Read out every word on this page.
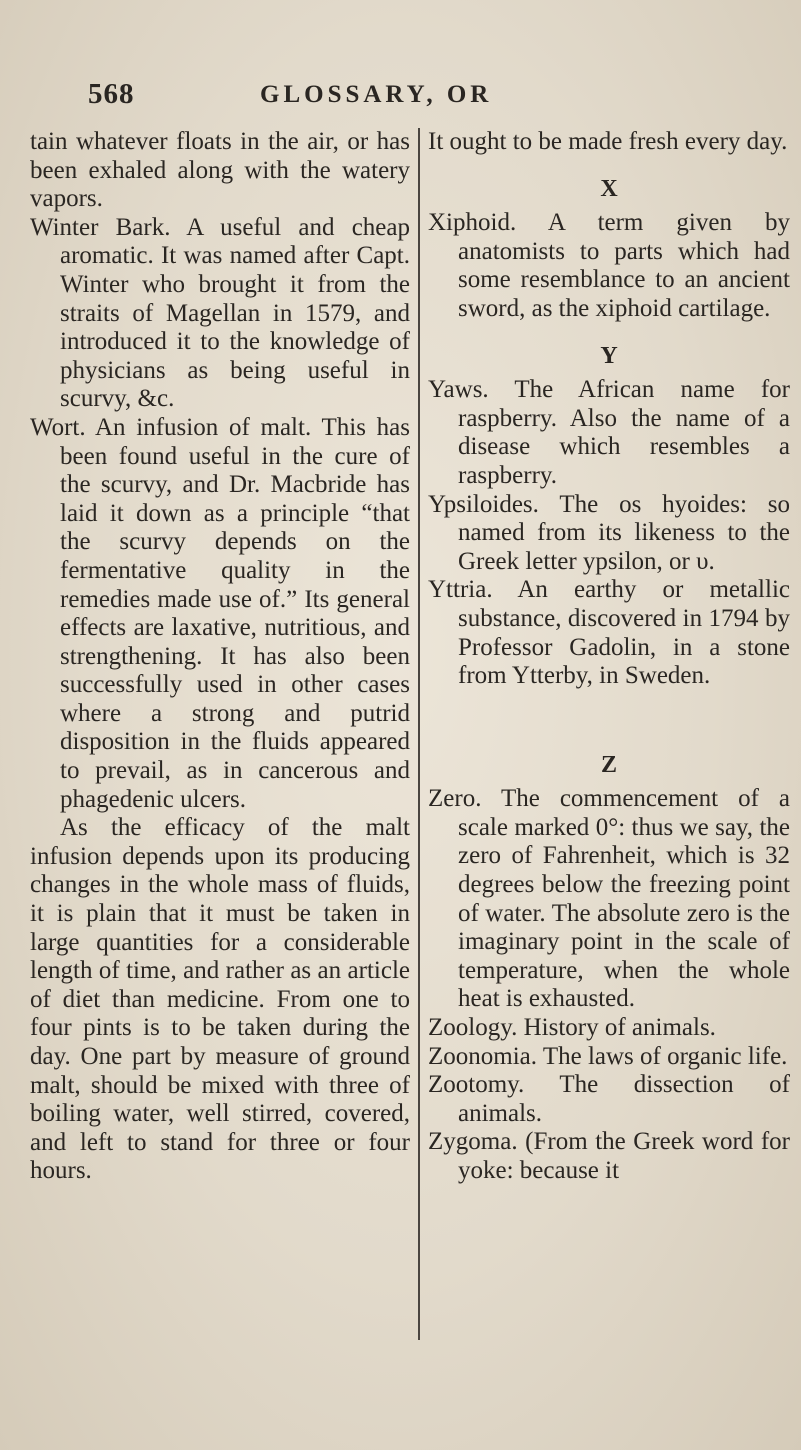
568	GLOSSARY, OR

tain whatever floats in the air, or has been exhaled along with the watery vapors.

Winter Bark. A useful and cheap aromatic. It was named after Capt. Winter who brought it from the straits of Magellan in 1579, and introduced it to the knowledge of physicians as being useful in scurvy, &c.

Wort. An infusion of malt. This has been found useful in the cure of the scurvy, and Dr. Macbride has laid it down as a principle “that the scurvy depends on the fermentative quality in the remedies made use of.” Its general effects are laxative, nutritious, and strengthening. It has also been successfully used in other cases where a strong and putrid disposition in the fluids appeared to prevail, as in cancerous and phagedenic ulcers.

As the efficacy of the malt infusion depends upon its producing changes in the whole mass of fluids, it is plain that it must be taken in large quantities for a considerable length of time, and rather as an article of diet than medicine. From one to four pints is to be taken during the day. One part by measure of ground malt, should be mixed with three of boiling water, well stirred, covered, and left to stand for three or four hours.

It ought to be made fresh every day.

X

Xiphoid. A term given by anatomists to parts which had some resemblance to an ancient sword, as the xiphoid cartilage.

Y

Yaws. The African name for raspberry. Also the name of a disease which resembles a raspberry.

Ypsiloides. The os hyoides: so named from its likeness to the Greek letter ypsilon, or υ.

Yttria. An earthy or metallic substance, discovered in 1794 by Professor Gadolin, in a stone from Ytterby, in Sweden.

Z

Zero. The commencement of a scale marked 0°: thus we say, the zero of Fahrenheit, which is 32 degrees below the freezing point of water. The absolute zero is the imaginary point in the scale of temperature, when the whole heat is exhausted.

Zoology. History of animals.

Zoonomia. The laws of organic life.

Zootomy. The dissection of animals.

Zygoma. (From the Greek word for yoke: because it
